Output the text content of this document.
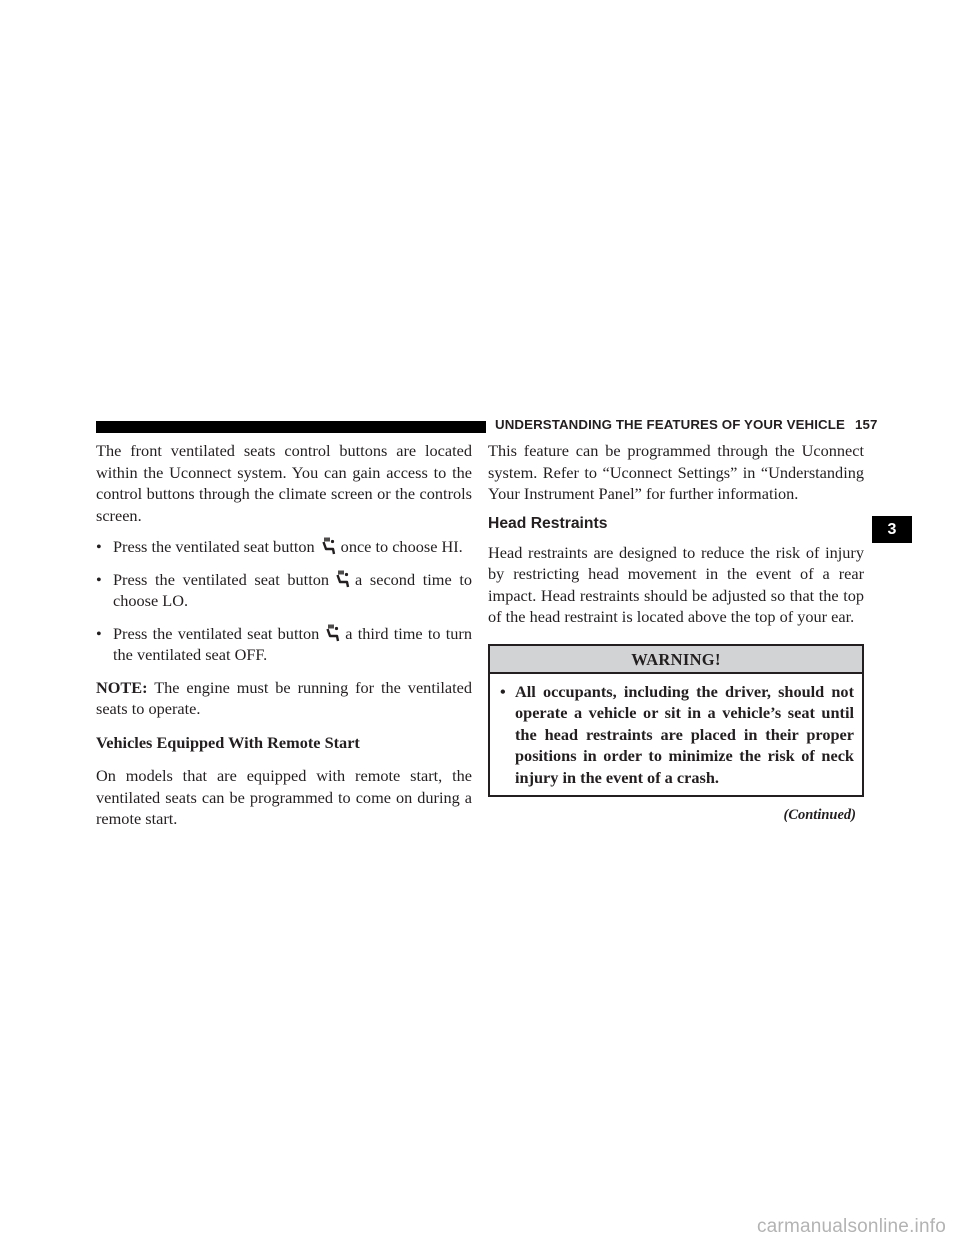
UNDERSTANDING THE FEATURES OF YOUR VEHICLE 157

The front ventilated seats control buttons are located within the Uconnect system. You can gain access to the control buttons through the climate screen or the controls screen.

• Press the ventilated seat button once to choose HI.
• Press the ventilated seat button a second time to choose LO.
• Press the ventilated seat button a third time to turn the ventilated seat OFF.

NOTE: The engine must be running for the ventilated seats to operate.

Vehicles Equipped With Remote Start

On models that are equipped with remote start, the ventilated seats can be programmed to come on during a remote start.

This feature can be programmed through the Uconnect system. Refer to “Uconnect Settings” in “Understanding Your Instrument Panel” for further information.

Head Restraints

Head restraints are designed to reduce the risk of injury by restricting head movement in the event of a rear impact. Head restraints should be adjusted so that the top of the head restraint is located above the top of your ear.

WARNING!
• All occupants, including the driver, should not operate a vehicle or sit in a vehicle’s seat until the head restraints are placed in their proper positions in order to minimize the risk of neck injury in the event of a crash.
(Continued)
3
carmanualsonline.info
